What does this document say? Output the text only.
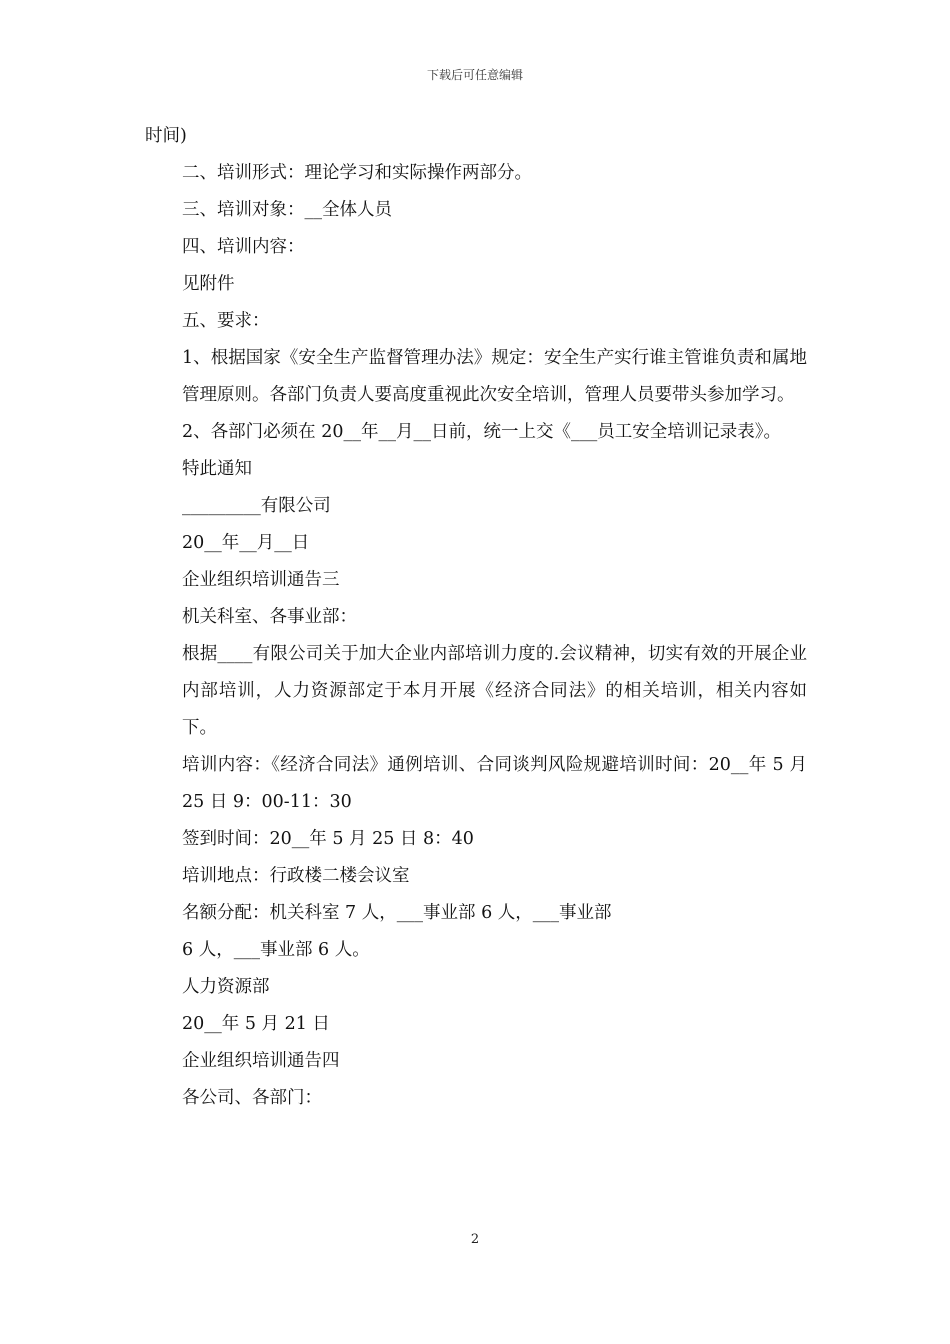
下载后可任意编辑

时间)

二、培训形式：理论学习和实际操作两部分。

三、培训对象：__全体人员

四、培训内容：

见附件

五、要求：

1、根据国家《安全生产监督管理办法》规定：安全生产实行谁主管谁负责和属地管理原则。各部门负责人要高度重视此次安全培训，管理人员要带头参加学习。

2、各部门必须在 20__年__月__日前，统一上交《___员工安全培训记录表》。

特此通知

_________有限公司

20__年__月__日

企业组织培训通告三

机关科室、各事业部：

根据____有限公司关于加大企业内部培训力度的.会议精神，切实有效的开展企业内部培训，人力资源部定于本月开展《经济合同法》的相关培训，相关内容如下。

培训内容：《经济合同法》通例培训、合同谈判风险规避培训时间：20__年 5 月 25 日 9：00-11：30

签到时间：20__年 5 月 25 日 8：40

培训地点：行政楼二楼会议室

名额分配：机关科室 7 人，___事业部 6 人，___事业部

6 人，___事业部 6 人。

人力资源部

20__年 5 月 21 日

企业组织培训通告四

各公司、各部门：

2
